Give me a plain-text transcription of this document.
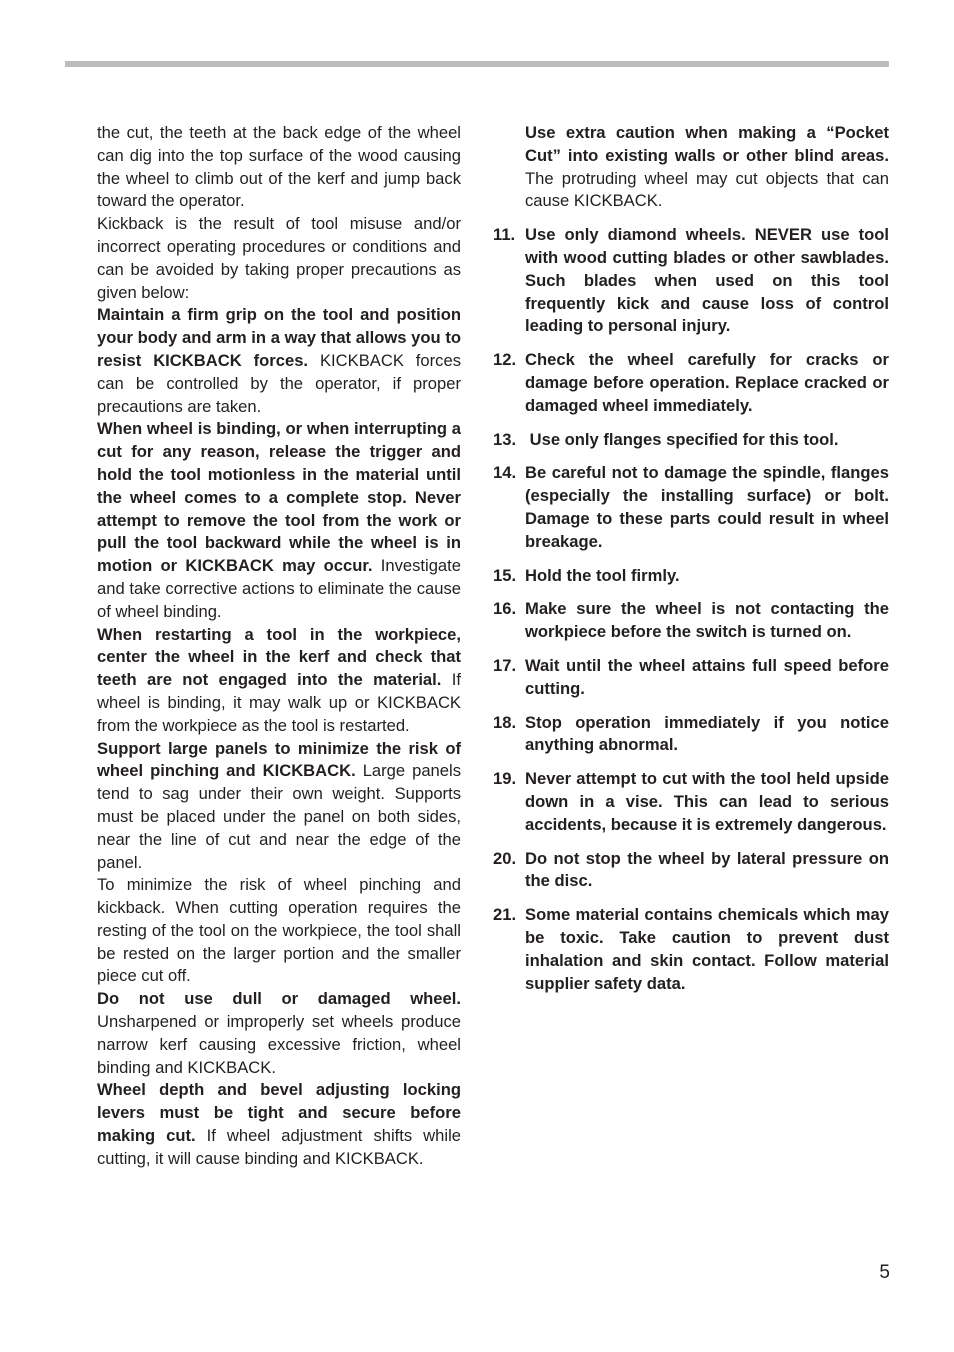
the cut, the teeth at the back edge of the wheel can dig into the top surface of the wood causing the wheel to climb out of the kerf and jump back toward the operator.

Kickback is the result of tool misuse and/or incorrect operating procedures or conditions and can be avoided by taking proper precautions as given below:

Maintain a firm grip on the tool and position your body and arm in a way that allows you to resist KICKBACK forces. KICKBACK forces can be controlled by the operator, if proper precautions are taken.

When wheel is binding, or when interrupting a cut for any reason, release the trigger and hold the tool motionless in the material until the wheel comes to a complete stop. Never attempt to remove the tool from the work or pull the tool backward while the wheel is in motion or KICKBACK may occur. Investigate and take corrective actions to eliminate the cause of wheel binding.

When restarting a tool in the workpiece, center the wheel in the kerf and check that teeth are not engaged into the material. If wheel is binding, it may walk up or KICKBACK from the workpiece as the tool is restarted.

Support large panels to minimize the risk of wheel pinching and KICKBACK. Large panels tend to sag under their own weight. Supports must be placed under the panel on both sides, near the line of cut and near the edge of the panel.

To minimize the risk of wheel pinching and kickback. When cutting operation requires the resting of the tool on the workpiece, the tool shall be rested on the larger portion and the smaller piece cut off.

Do not use dull or damaged wheel. Unsharpened or improperly set wheels produce narrow kerf causing excessive friction, wheel binding and KICKBACK.

Wheel depth and bevel adjusting locking levers must be tight and secure before making cut. If wheel adjustment shifts while cutting, it will cause binding and KICKBACK.

Use extra caution when making a “Pocket Cut” into existing walls or other blind areas. The protruding wheel may cut objects that can cause KICKBACK.

11. Use only diamond wheels. NEVER use tool with wood cutting blades or other sawblades. Such blades when used on this tool frequently kick and cause loss of control leading to personal injury.
12. Check the wheel carefully for cracks or damage before operation. Replace cracked or damaged wheel immediately.
13. Use only flanges specified for this tool.
14. Be careful not to damage the spindle, flanges (especially the installing surface) or bolt. Damage to these parts could result in wheel breakage.
15. Hold the tool firmly.
16. Make sure the wheel is not contacting the workpiece before the switch is turned on.
17. Wait until the wheel attains full speed before cutting.
18. Stop operation immediately if you notice anything abnormal.
19. Never attempt to cut with the tool held upside down in a vise. This can lead to serious accidents, because it is extremely dangerous.
20. Do not stop the wheel by lateral pressure on the disc.
21. Some material contains chemicals which may be toxic. Take caution to prevent dust inhalation and skin contact. Follow material supplier safety data.
5
